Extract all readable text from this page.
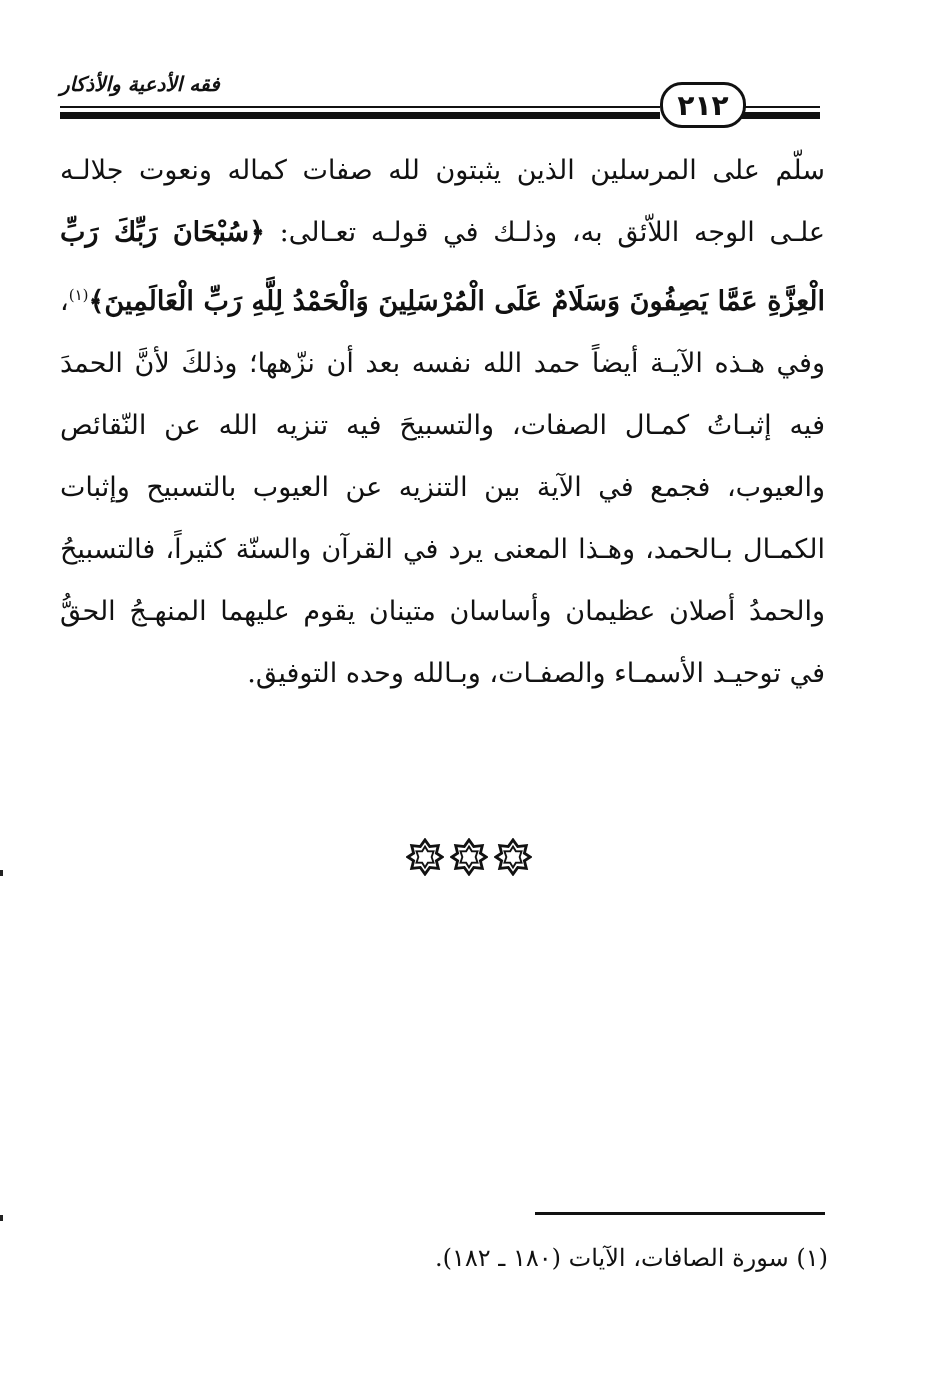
فقه الأدعية والأذكار
٢١٢
سلّم على المرسلين الذين يثبتون لله صفات كماله ونعوت جلالـه علـى الوجه اللاّئق به، وذلـك في قولـه تعـالى: ﴿سُبْحَانَ رَبِّكَ رَبِّ الْعِزَّةِ عَمَّا يَصِفُونَ وَسَلَامٌ عَلَى الْمُرْسَلِينَ وَالْحَمْدُ لِلَّهِ رَبِّ الْعَالَمِينَ﴾$^{(١)}$، وفي هـذه الآيـة أيضاً حمد الله نفسه بعد أن نزّهها؛ وذلكَ لأنَّ الحمدَ فيه إثبـاتُ كمـال الصفات، والتسبيحَ فيه تنزيه الله عن النّقائص والعيوب، فجمع في الآية بين التنزيه عن العيوب بالتسبيح وإثبات الكمـال بـالحمد، وهـذا المعنى يرد في القرآن والسنّة كثيراً، فالتسبيحُ والحمدُ أصلان عظيمان وأساسان متينان يقوم عليهما المنهـجُ الحقُّ في توحيـد الأسمـاء والصفـات، وبـالله وحده التوفيق.
(١) سورة الصافات، الآيات (١٨٠ ـ ١٨٢).
